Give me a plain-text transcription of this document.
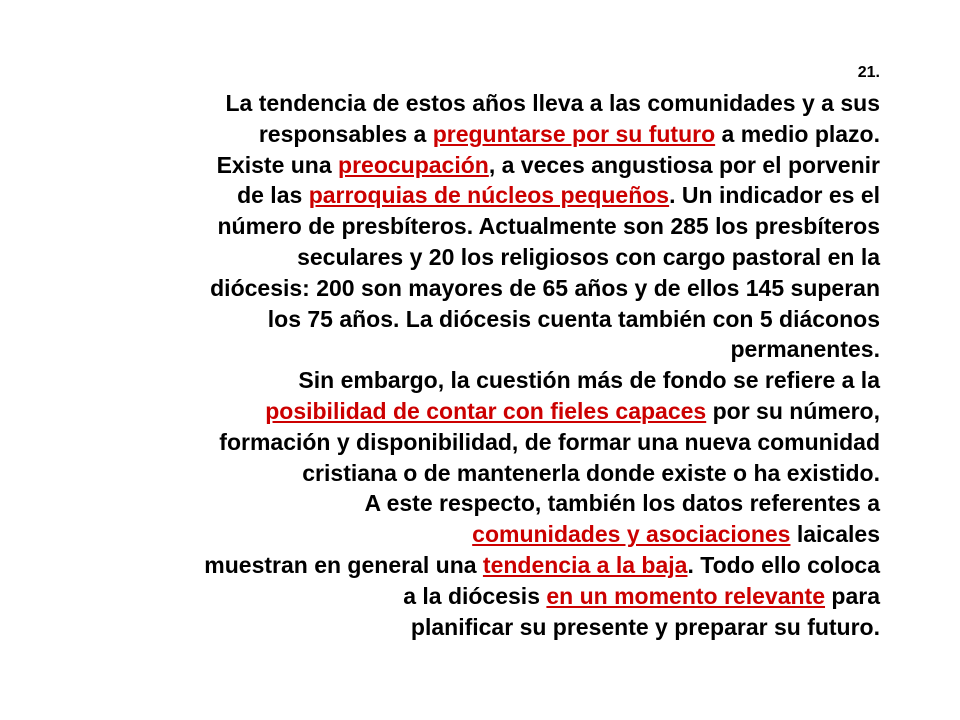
21.
La tendencia de estos años lleva a las comunidades y a sus
responsables a preguntarse por su futuro a medio plazo.
Existe una preocupación, a veces angustiosa por el porvenir
de las parroquias de núcleos pequeños. Un indicador es el
número de presbíteros. Actualmente son 285 los presbíteros
seculares y 20 los religiosos con cargo pastoral en la
diócesis: 200 son mayores de 65 años y de ellos 145 superan
los 75 años. La diócesis cuenta también con 5 diáconos
permanentes.
Sin embargo, la cuestión más de fondo se refiere a la
posibilidad de contar con fieles capaces por su número,
formación y disponibilidad, de formar una nueva comunidad
cristiana o de mantenerla donde existe o ha existido.
A este respecto, también los datos referentes a
comunidades y asociaciones laicales
muestran en general una tendencia a la baja. Todo ello coloca
a la diócesis en un momento relevante para
planificar su presente y preparar su futuro.
